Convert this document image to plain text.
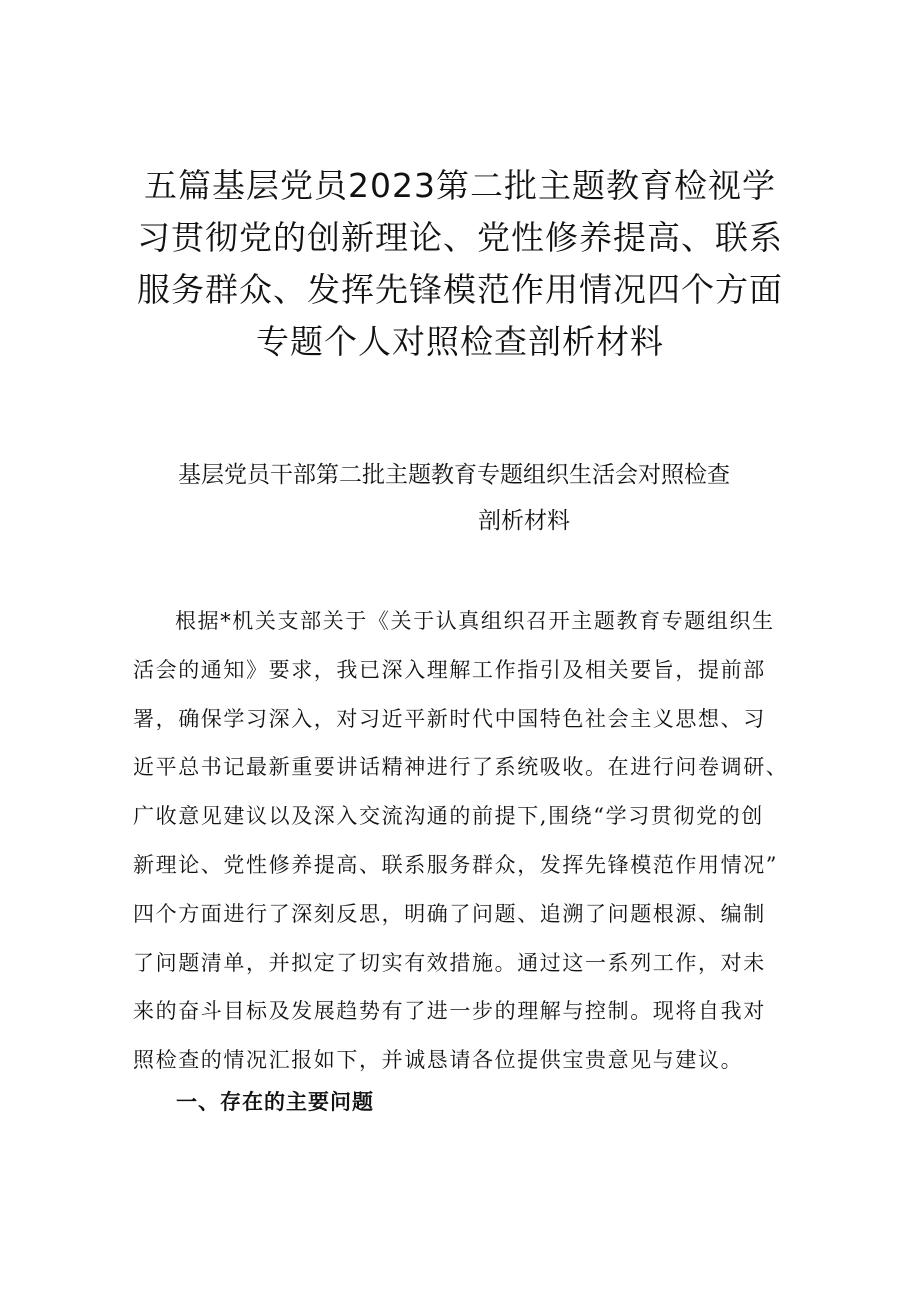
五篇基层党员2023第二批主题教育检视学
习贯彻党的创新理论、党性修养提高、联系
服务群众、发挥先锋模范作用情况四个方面
专题个人对照检查剖析材料
基层党员干部第二批主题教育专题组织生活会对照检查
剖析材料

根据*机关支部关于《关于认真组织召开主题教育专题组织生
活会的通知》要求，我已深入理解工作指引及相关要旨，提前部
署，确保学习深入，对习近平新时代中国特色社会主义思想、习
近平总书记最新重要讲话精神进行了系统吸收。在进行问卷调研、
广收意见建议以及深入交流沟通的前提下,围绕“学习贯彻党的创
新理论、党性修养提高、联系服务群众，发挥先锋模范作用情况”
四个方面进行了深刻反思，明确了问题、追溯了问题根源、编制
了问题清单，并拟定了切实有效措施。通过这一系列工作，对未
来的奋斗目标及发展趋势有了进一步的理解与控制。现将自我对
照检查的情况汇报如下，并诚恳请各位提供宝贵意见与建议。

一、存在的主要问题
